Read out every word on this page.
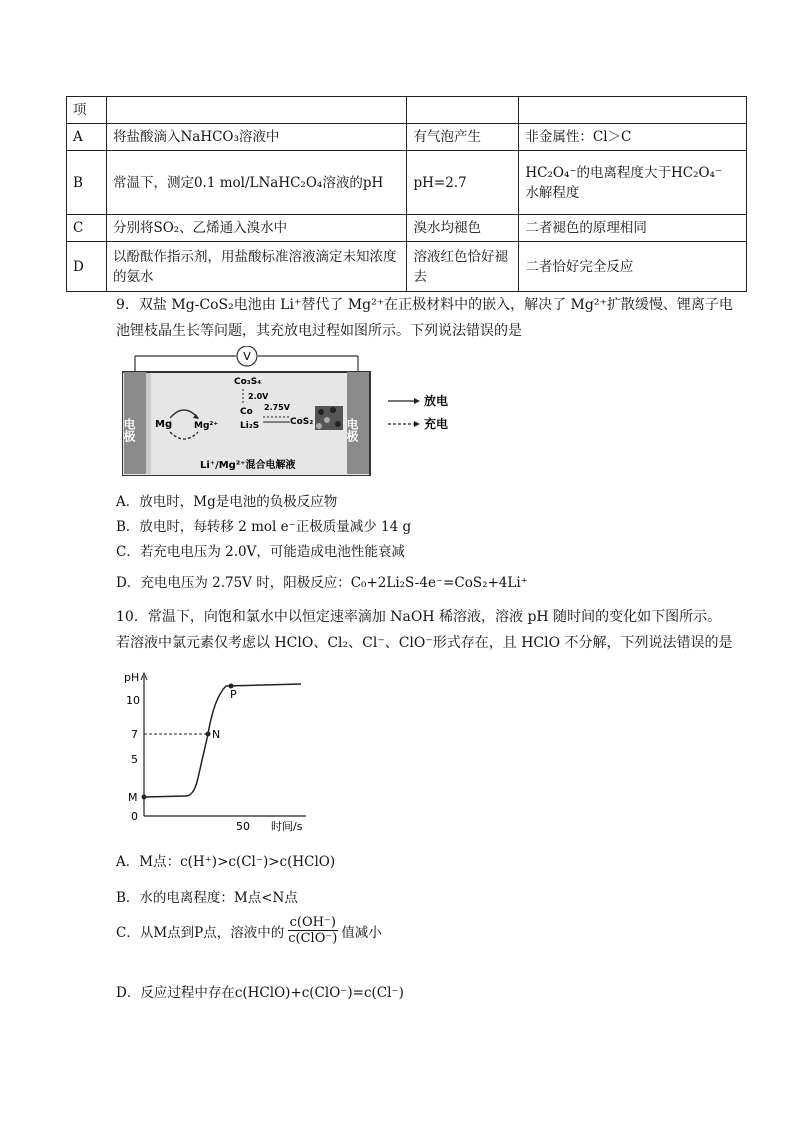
项			
A	将盐酸滴入NaHCO₃溶液中	有气泡产生	非金属性：Cl＞C
B	常温下，测定0.1 mol/LNaHC₂O₄溶液的pH	pH=2.7	HC₂O₄⁻的电离程度大于HC₂O₄⁻
水解程度

C	分别将SO₂、乙烯通入溴水中	溴水均褪色	二者褪色的原理相同
D	以酚酞作指示剂，用盐酸标准溶液滴定未知浓度的氨水	溶液红色恰好褪去	二者恰好完全反应
9．双盐 Mg-CoS₂电池由 Li⁺替代了 Mg²⁺在正极材料中的嵌入，解决了 Mg²⁺扩散缓慢、锂离子电
池锂枝晶生长等问题，其充放电过程如图所示。下列说法错误的是
V
电极	电极
Mg Mg²⁺
Co₃S₄
2.0V
Co
Li₂S
2.75V
CoS₂
Li⁺/Mg²⁺混合电解液
放电
充电
A．放电时，Mg是电池的负极反应物
B．放电时，每转移 2 mol e⁻正极质量减少 14 g
C．若充电电压为 2.0V，可能造成电池性能衰减
D．充电电压为 2.75V 时，阳极反应：C₀+2Li₂S-4e⁻=CoS₂+4Li⁺
10．常温下，向饱和氯水中以恒定速率滴加 NaOH 稀溶液，溶液 pH 随时间的变化如下图所示。
若溶液中氯元素仅考虑以 HClO、Cl₂、Cl⁻、ClO⁻形式存在，且 HClO 不分解，下列说法错误的是
pH
时间/s
10
7
5
0
50
M
N
P
A．M点：c(H⁺)>c(Cl⁻)>c(HClO)
B．水的电离程度：M点<N点
C．从M点到P点，溶液中的 $\frac{c(OH^-)}{\text{c(ClO⁻)}}$ 值减小
D．反应过程中存在c(HClO)+c(ClO⁻)=c(Cl⁻)
